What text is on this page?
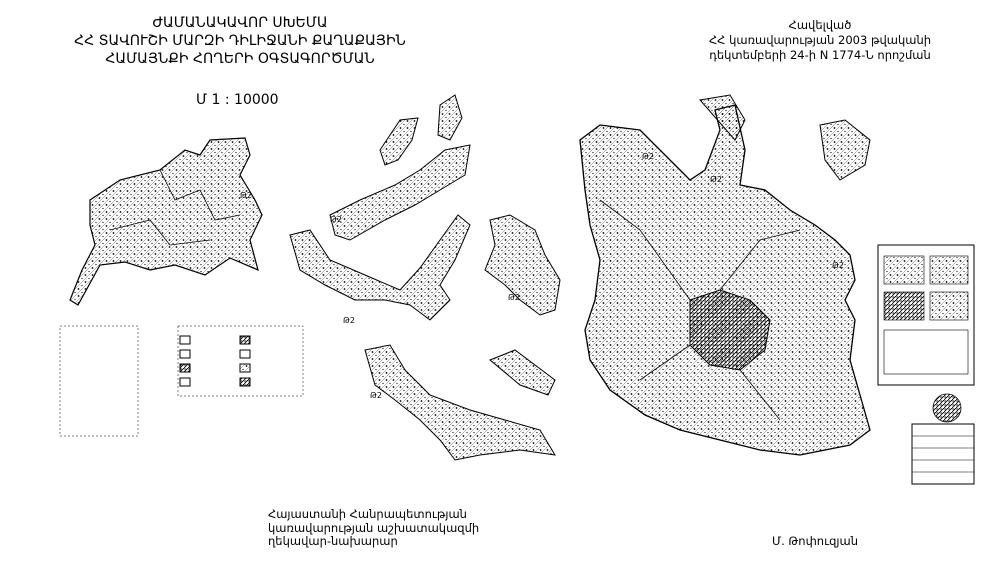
ԺԱՄԱՆԱԿԱՎՈՐ ՍԽԵՄԱ
ՀՀ ՏԱՎՈՒՇԻ ՄԱՐԶԻ ԴԻԼԻՋԱՆԻ ՔԱՂԱՔԱՅԻՆ
ՀԱՄԱՅՆՔԻ ՀՈՂԵՐԻ ՕԳՏԱԳՈՐԾՄԱՆ
Մ 1 : 10000
Հավելված
ՀՀ կառավարության 2003 թվականի
դեկտեմբերի 24-ի N 1774-Ն որոշման
Թ2
Թ2
Թ2
Թ2
Թ2
Թ2
Թ2
Թ2
Հայաստանի Հանրապետության
կառավարության աշխատակազմի
ղեկավար-նախարար	Մ. Թոփուզյան
